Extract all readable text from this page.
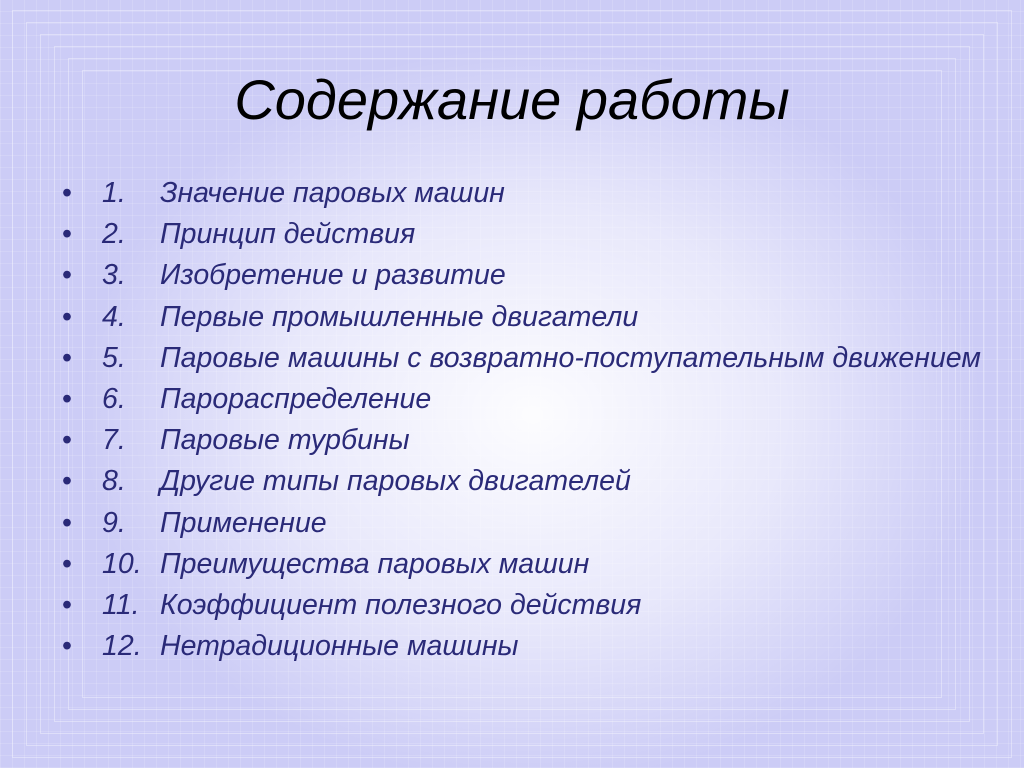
Содержание работы
• 1. Значение паровых машин
• 2. Принцип действия
• 3. Изобретение и развитие
• 4. Первые промышленные двигатели
• 5. Паровые машины с возвратно-поступательным движением
• 6. Парораспределение
• 7. Паровые турбины
• 8. Другие типы паровых двигателей
• 9. Применение
• 10. Преимущества паровых машин
• 11. Коэффициент полезного действия
• 12. Нетрадиционные машины
